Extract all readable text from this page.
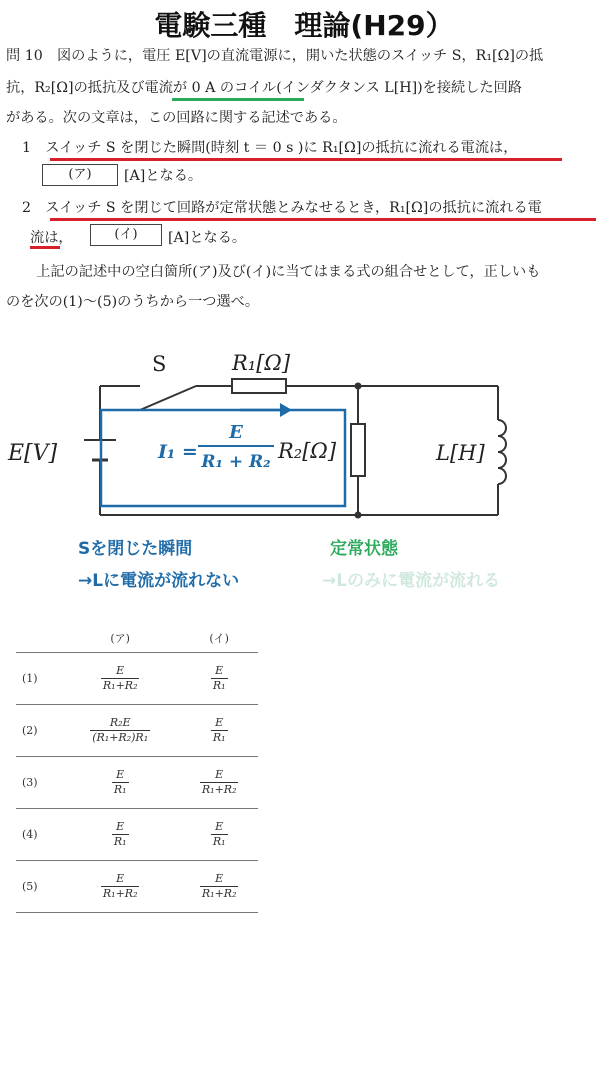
電験三種　理論(H29）
問 10　図のように，電圧 E[V]の直流電源に，開いた状態のスイッチ S，R₁[Ω]の抵
抗，R₂[Ω]の抵抗及び電流が 0 A のコイル(インダクタンス L[H])を接続した回路
がある。次の文章は，この回路に関する記述である。
1　スイッチ S を閉じた瞬間(時刻 t ＝ 0 s )に R₁[Ω]の抵抗に流れる電流は，
(ア)	[A]となる。
2　スイッチ S を閉じて回路が定常状態とみなせるとき，R₁[Ω]の抵抗に流れる電
流は，	(イ)	[A]となる。
　上記の記述中の空白箇所(ア)及び(イ)に当てはまる式の組合せとして，正しいも
のを次の(1)〜(5)のうちから一つ選べ。
S	R₁[Ω]
R₂[Ω]	L[H]
E[V]	I₁ =
E
R₁ + R₂
Sを閉じた瞬間
→Lに電流が流れない
定常状態
→Lのみに電流が流れる
	(ア)	(イ)
(1)	$\frac{E}{\text{R₁+R₂}}$	$\frac{E}{\text{R₁}}$

(2)	$\frac{\text{R₂E}}{\text{(R₁+R₂)R₁}}$	$\frac{E}{\text{R₁}}$

(3)	$\frac{E}{\text{R₁}}$	$\frac{E}{\text{R₁+R₂}}$

(4)	$\frac{E}{\text{R₁}}$	$\frac{E}{\text{R₁}}$

(5)	$\frac{E}{\text{R₁+R₂}}$	$\frac{E}{\text{R₁+R₂}}$
